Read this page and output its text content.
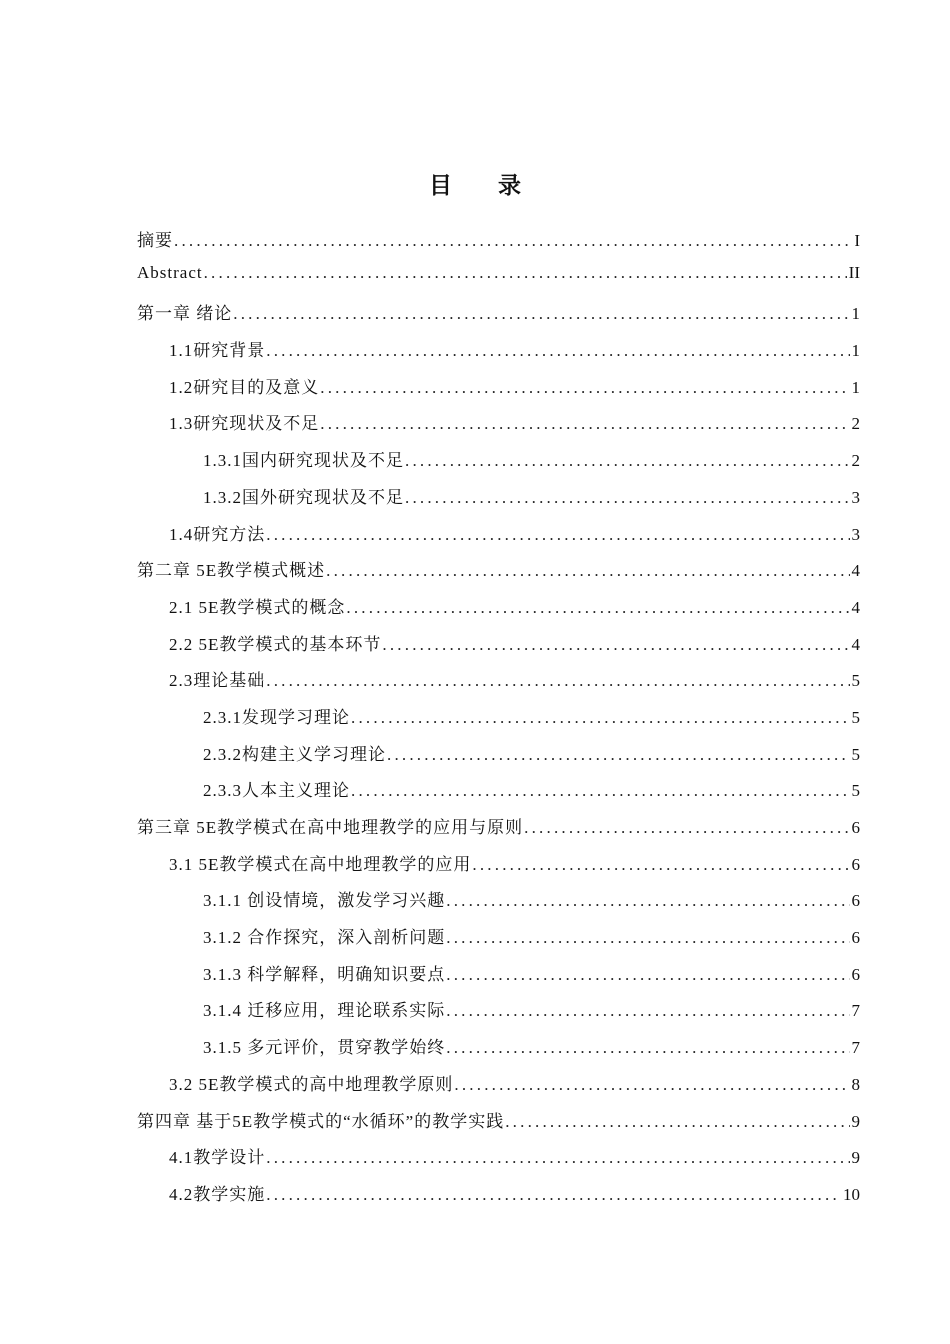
目　　录
摘要 .....	I
Abstract .....	II
第一章 绪论 .....	1
1.1研究背景 .....	1
1.2研究目的及意义 .....	1
1.3研究现状及不足 .....	2
1.3.1国内研究现状及不足 .....	2
1.3.2国外研究现状及不足 .....	3
1.4研究方法 .....	3
第二章 5E教学模式概述 .....	4
2.1 5E教学模式的概念 .....	4
2.2 5E教学模式的基本环节 .....	4
2.3理论基础 .....	5
2.3.1发现学习理论 .....	5
2.3.2构建主义学习理论 .....	5
2.3.3人本主义理论 .....	5
第三章 5E教学模式在高中地理教学的应用与原则 .....	6
3.1 5E教学模式在高中地理教学的应用 .....	6
3.1.1 创设情境，激发学习兴趣 .....	6
3.1.2 合作探究，深入剖析问题 .....	6
3.1.3 科学解释，明确知识要点 .....	6
3.1.4 迁移应用，理论联系实际 .....	7
3.1.5 多元评价，贯穿教学始终 .....	7
3.2 5E教学模式的高中地理教学原则 .....	8
第四章 基于5E教学模式的“水循环”的教学实践 .....	9
4.1教学设计 .....	9
4.2教学实施 .....	10
